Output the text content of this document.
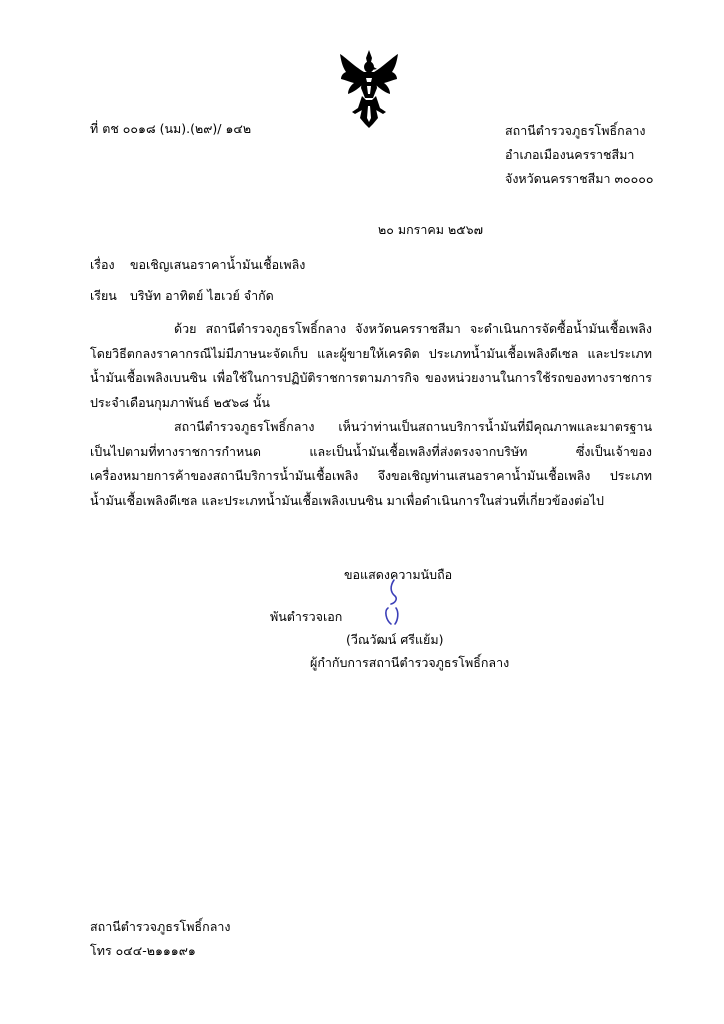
ที่ ตช ๐๐๑๘ (นม).(๒๙)/ ๑๔๒	สถานีตำรวจภูธรโพธิ์กลาง
อำเภอเมืองนครราชสีมา
จังหวัดนครราชสีมา ๓๐๐๐๐
๒๐ มกราคม ๒๕๖๗
เรื่อง ขอเชิญเสนอราคาน้ำมันเชื้อเพลิง
เรียน บริษัท อาทิตย์ ไฮเวย์ จำกัด

ด้วย สถานีตำรวจภูธรโพธิ์กลาง จังหวัดนครราชสีมา จะดำเนินการจัดซื้อน้ำมันเชื้อเพลิง โดยวิธีตกลงราคากรณีไม่มีภาษนะจัดเก็บ และผู้ขายให้เครดิต ประเภทน้ำมันเชื้อเพลิงดีเซล และประเภทน้ำมันเชื้อเพลิงเบนซิน เพื่อใช้ในการปฏิบัติราชการตามภารกิจ ของหน่วยงานในการใช้รถของทางราชการ ประจำเดือนกุมภาพันธ์ ๒๕๖๘ นั้น

สถานีตำรวจภูธรโพธิ์กลาง เห็นว่าท่านเป็นสถานบริการน้ำมันที่มีคุณภาพและมาตรฐานเป็นไปตามที่ทางราชการกำหนด และเป็นน้ำมันเชื้อเพลิงที่ส่งตรงจากบริษัท ซึ่งเป็นเจ้าของเครื่องหมายการค้าของสถานีบริการน้ำมันเชื้อเพลิง จึงขอเชิญท่านเสนอราคาน้ำมันเชื้อเพลิง ประเภทน้ำมันเชื้อเพลิงดีเซล และประเภทน้ำมันเชื้อเพลิงเบนซิน มาเพื่อดำเนินการในส่วนที่เกี่ยวข้องต่อไป

ขอแสดงความนับถือ
พันตำรวจเอก
(วีณวัฒน์ ศรีแย้ม)
ผู้กำกับการสถานีตำรวจภูธรโพธิ์กลาง
สถานีตำรวจภูธรโพธิ์กลาง
โทร ๐๔๔-๒๑๑๑๙๑
